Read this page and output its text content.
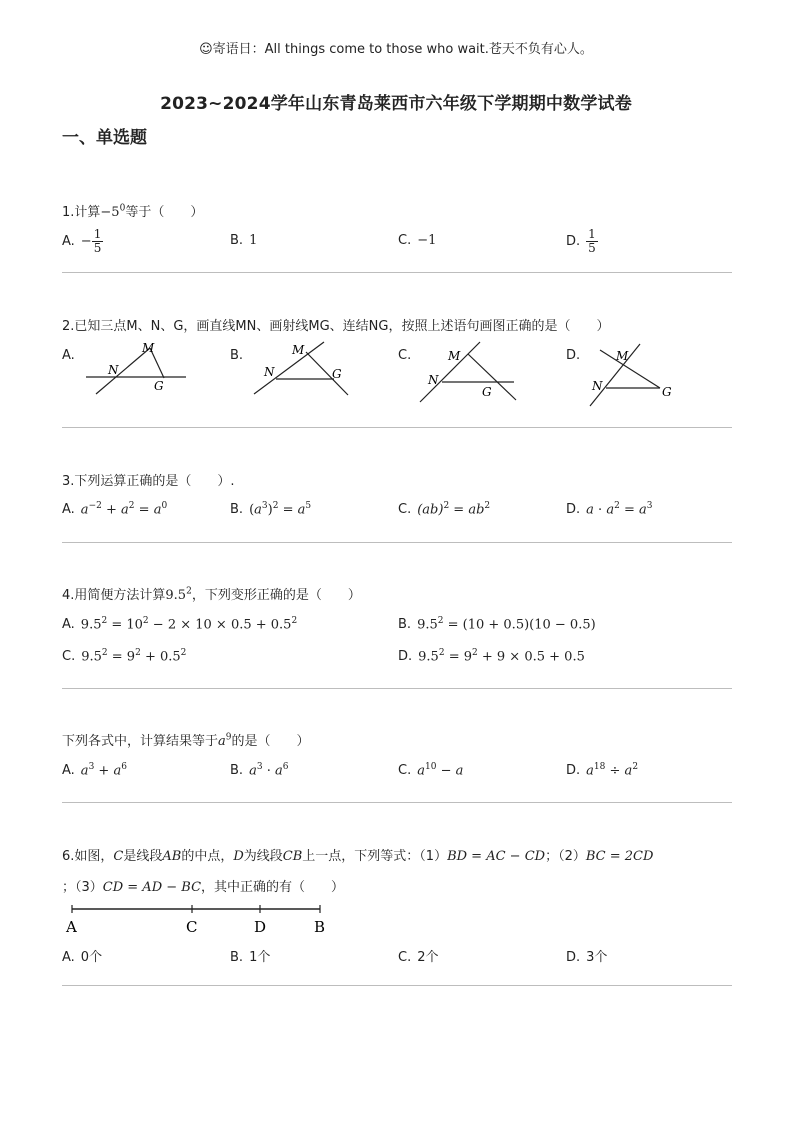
☺寄语日：All things come to those who wait.苍天不负有心人。
2023~2024学年山东青岛莱西市六年级下学期期中数学试卷
一、单选题
1.计算$-5^0$等于（　　）
A. − $\frac{1}{5}$	B. 1	C. −1	D. $\frac{1}{5}$
2.已知三点M、N、G，画直线MN、画射线MG、连结NG，按照上述语句画图正确的是（　　）
A.	M
N
G
B.	M
N	G
C.	M
N
G
D.	M
N	G
3.下列运算正确的是（　　）.
A. $a^{-2} + a^2 = a^0$	B. $(a^3)^2 = a^5$	C. $(ab)^2 = ab^2$	D. $a \cdot a^2 = a^3$
4.用简便方法计算$9.5^2$，下列变形正确的是（　　）
A. $9.5^2 = 10^2 - 2 \times 10 \times 0.5 + 0.5^2$	B. $9.5^2 = (10 + 0.5)(10 - 0.5)$
C. $9.5^2 = 9^2 + 0.5^2$	D. $9.5^2 = 9^2 + 9 \times 0.5 + 0.5$
下列各式中，计算结果等于$a^9$的是（　　）
A. $a^3 + a^6$	B. $a^3 \cdot a^6$	C. $a^{10} - a$	D. $a^{18} \div a^2$
6.如图，C是线段AB的中点，D为线段CB上一点，下列等式：（1）BD = AC − CD；（2）BC = 2CD
；（3）CD = AD − BC，其中正确的有（　　）
A	C	D	B
A. 0个	B. 1个	C. 2个	D. 3个
